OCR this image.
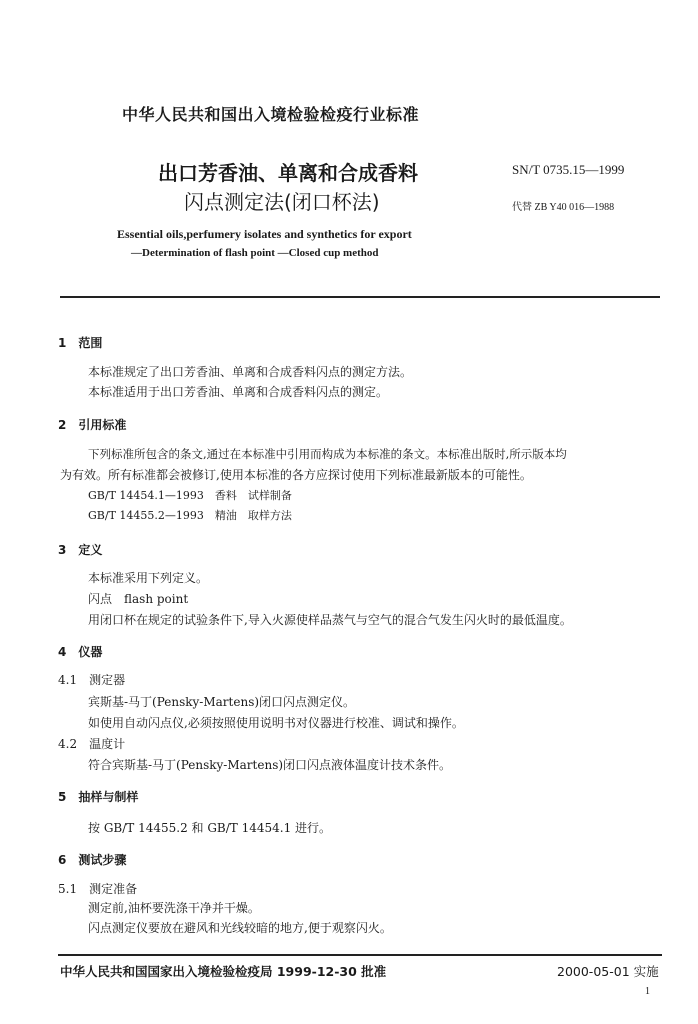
中华人民共和国出入境检验检疫行业标准
出口芳香油、单离和合成香料
闪点测定法(闭口杯法)
SN/T 0735.15—1999
代替 ZB Y40 016—1988
Essential oils,perfumery isolates and synthetics for export
—Determination of flash point —Closed cup method
1　范围
本标准规定了出口芳香油、单离和合成香料闪点的测定方法。
本标准适用于出口芳香油、单离和合成香料闪点的测定。
2　引用标准
下列标准所包含的条文,通过在本标准中引用而构成为本标准的条文。本标准出版时,所示版本均
为有效。所有标准都会被修订,使用本标准的各方应探讨使用下列标准最新版本的可能性。
GB/T 14454.1—1993　香料　试样制备
GB/T 14455.2—1993　精油　取样方法
3　定义
本标准采用下列定义。
闪点　flash point
用闭口杯在规定的试验条件下,导入火源使样品蒸气与空气的混合气发生闪火时的最低温度。
4　仪器
4.1　测定器
宾斯基-马丁(Pensky-Martens)闭口闪点测定仪。
如使用自动闪点仪,必须按照使用说明书对仪器进行校准、调试和操作。
4.2　温度计
符合宾斯基-马丁(Pensky-Martens)闭口闪点液体温度计技术条件。
5　抽样与制样
按 GB/T 14455.2 和 GB/T 14454.1 进行。
6　测试步骤
5.1　测定准备
测定前,油杯要洗涤干净并干燥。
闪点测定仪要放在避风和光线较暗的地方,便于观察闪火。
中华人民共和国国家出入境检验检疫局 1999-12-30 批准	2000-05-01 实施
1
